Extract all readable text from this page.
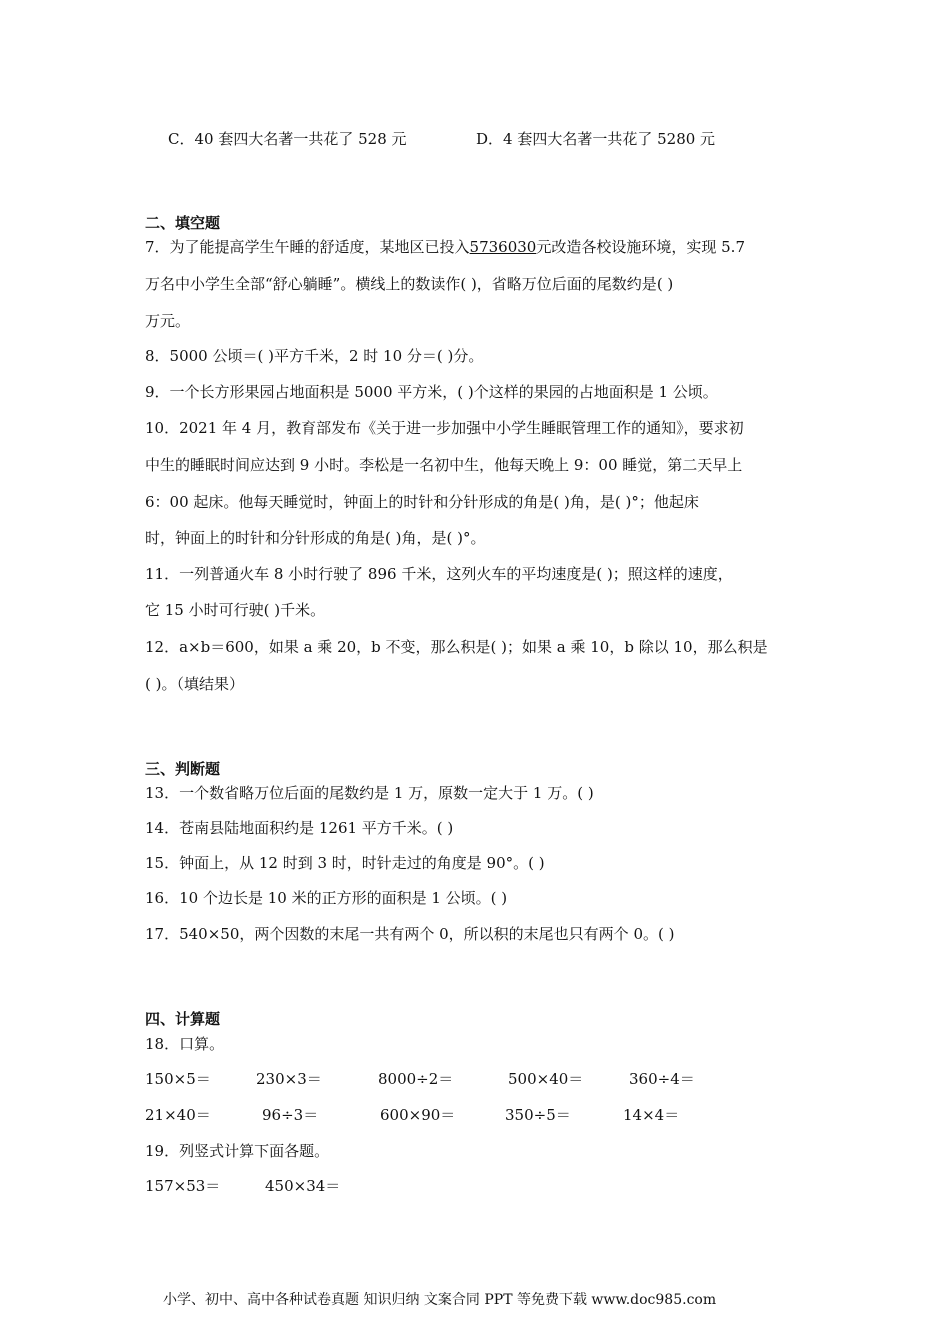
C．40 套四大名著一共花了 528 元	D．4 套四大名著一共花了 5280 元
二、填空题
7．为了能提高学生午睡的舒适度，某地区已投入5736030元改造各校设施环境，实现 5.7
万名中小学生全部“舒心躺睡”。横线上的数读作( )，省略万位后面的尾数约是( )
万元。
8．5000 公顷＝( )平方千米，2 时 10 分＝( )分。
9．一个长方形果园占地面积是 5000 平方米，( )个这样的果园的占地面积是 1 公顷。
10．2021 年 4 月，教育部发布《关于进一步加强中小学生睡眠管理工作的通知》，要求初
中生的睡眠时间应达到 9 小时。李松是一名初中生，他每天晚上 9：00 睡觉，第二天早上
6：00 起床。他每天睡觉时，钟面上的时针和分针形成的角是( )角，是( )°；他起床
时，钟面上的时针和分针形成的角是( )角，是( )°。
11．一列普通火车 8 小时行驶了 896 千米，这列火车的平均速度是( )；照这样的速度，
它 15 小时可行驶( )千米。
12．a×b＝600，如果 a 乘 20，b 不变，那么积是( )；如果 a 乘 10，b 除以 10，那么积是
( )。（填结果）
三、判断题
13．一个数省略万位后面的尾数约是 1 万，原数一定大于 1 万。( )
14．苍南县陆地面积约是 1261 平方千米。( )
15．钟面上，从 12 时到 3 时，时针走过的角度是 90°。( )
16．10 个边长是 10 米的正方形的面积是 1 公顷。( )
17．540×50，两个因数的末尾一共有两个 0，所以积的末尾也只有两个 0。( )
四、计算题
18．口算。
150×5＝	230×3＝	8000÷2＝	500×40＝	360÷4＝
21×40＝	96÷3＝	600×90＝	350÷5＝	14×4＝
19．列竖式计算下面各题。
157×53＝	450×34＝
小学、初中、高中各种试卷真题 知识归纳 文案合同 PPT 等免费下载 www.doc985.com
